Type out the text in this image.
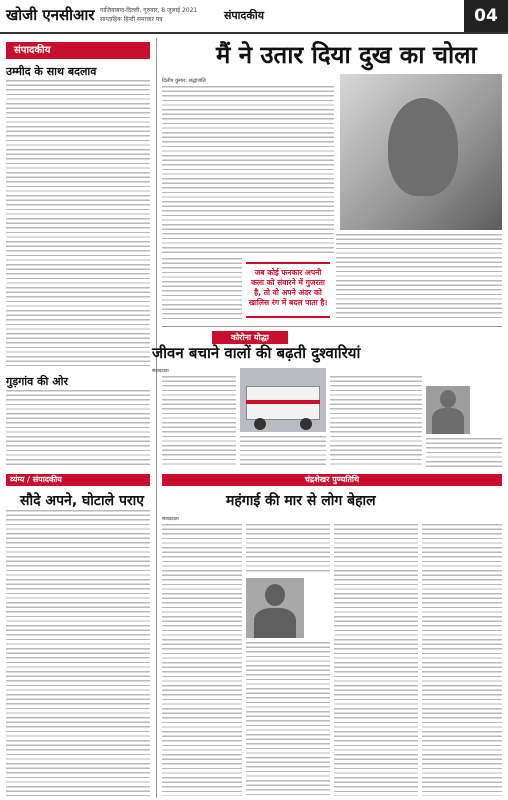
खोजी एनसीआर गाजियाबाद-दिल्ली, गुरुवार, 8 जुलाई 2021
साप्ताहिक हिन्दी समाचार पत्र	संपादकीय	04
संपादकीय
उम्मीद के साथ बदलाव
गुड़गांव की ओर
मैं ने उतार दिया दुख का चोला
दिलीप कुमार: श्रद्धांजलि
जब कोई फनकार अपनी कला को संवारने में गुजरता है, तो वो अपने अंदर को खालिस रंग में बदल पाता है।
कोरोना योद्धा
जीवन बचाने वालों की बढ़ती दुश्वारियां
संवाददाता
व्यंग्य / संपादकीय
सौदे अपने, घोटाले पराए
चंद्रशेखर पुण्यतिथि
महंगाई की मार से लोग बेहाल
संवाददाता
